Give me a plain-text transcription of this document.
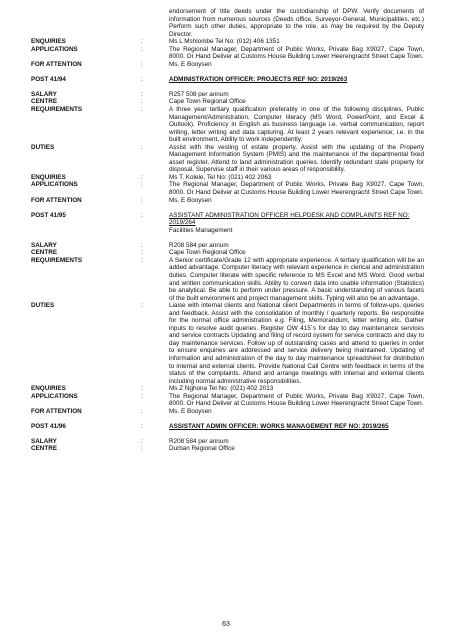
endorsement of title deeds under the custodianship of DPW. Verify documents of information from numerous sources (Deeds office, Surveyor-General, Municipalities, etc.) Perform such other duties, appropriate to the role, as may be required by the Deputy Director.
ENQUIRIES	:	Ms L Mshlombe Tel No: (012) 406 1351
APPLICATIONS	:	The Regional Manager, Department of Public Works, Private Bag X9027, Cape Town, 8000. Or Hand Deliver at Customs House Building Lower Heerengracht Street Cape Town.
FOR ATTENTION	:	Ms. E Booysen
POST 41/94	:	ADMINISTRATION OFFICER: PROJECTS REF NO: 2019/263
SALARY	:	R257 508 per annum
CENTRE	:	Cape Town Regional Office
REQUIREMENTS	:	A three year tertiary qualification preferably in one of the following disciplines, Public Management/Administration, Computer literacy (MS Word, PowerPoint, and Excel & Outlook). Proficiency in English as business language i.e. verbal communication, report writing, letter writing and data capturing. At least 2 years relevant experience; i.e. in the built environment, Ability to work independently.
DUTIES	:	Assist with the vesting of estate property. Assist with the updating of the Property Management Information System (PMIS) and the maintenance of the departmental fixed asset register. Attend to land administration queries. Identify redundant state property for disposal. Supervise staff in their various areas of responsibility.
ENQUIRIES	:	Ms T. Kolele, Tel No: (021) 402 2063
APPLICATIONS	:	The Regional Manager, Department of Public Works, Private Bag X9027, Cape Town, 8000. Or Hand Deliver at Customs House Building Lower Heerengracht Street Cape Town.
FOR ATTENTION	:	Ms. E Booysen
POST 41/95	:	ASSISTANT ADMINISTRATION OFFICER HELPDESK AND COMPLAINTS REF NO: 2019/264
Facilities Management
SALARY	:	R208 584 per annum
CENTRE	:	Cape Town Regional Office
REQUIREMENTS	:	A Senior certificate/Grade 12 with appropriate experience. A tertiary qualification will be an added advantage. Computer literacy with relevant experience in clerical and administration duties. Computer literate with specific reference to MS Excel and MS Word. Good verbal and written communication skills. Ability to convert data into usable information (Statistics) be analytical. Be able to perform under pressure. A basic understanding of various facets of the built environment and project management skills. Typing will also be an advantage.
DUTIES	:	Liaise with internal clients and National client Departments in terms of follow-ups, queries and feedback. Assist with the consolidation of monthly / quarterly reports. Be responsible for the normal office administration e.g. Filing, Memorandum, letter writing etc. Gather inputs to resolve audit queries. Register OW 415`s for day to day maintenance services and service contracts Updating and filing of record system for service contracts and day to day maintenance services. Follow up of outstanding cases and attend to queries in order to ensure enquiries are addressed and service delivery being maintained. Updating of information and administration of the day to day maintenance spreadsheet for distribution to internal and external clients. Provide National Call Centre with feedback in terms of the status of the complaints. Attend and arrange meetings with internal and external clients including normal administrative responsibilities.
ENQUIRIES	:	Ms Z Nghona Tel No: (021) 402 2013
APPLICATIONS	:	The Regional Manager, Department of Public Works, Private Bag X9027, Cape Town, 8000. Or Hand Deliver at Customs House Building Lower Heerengracht Street Cape Town.
FOR ATTENTION	:	Ms. E Booysen
POST 41/96	:	ASSISTANT ADMIN OFFICER: WORKS MANAGEMENT REF NO: 2019/265
SALARY	:	R208 584 per annum
CENTRE	:	Durban Regional Office
63
